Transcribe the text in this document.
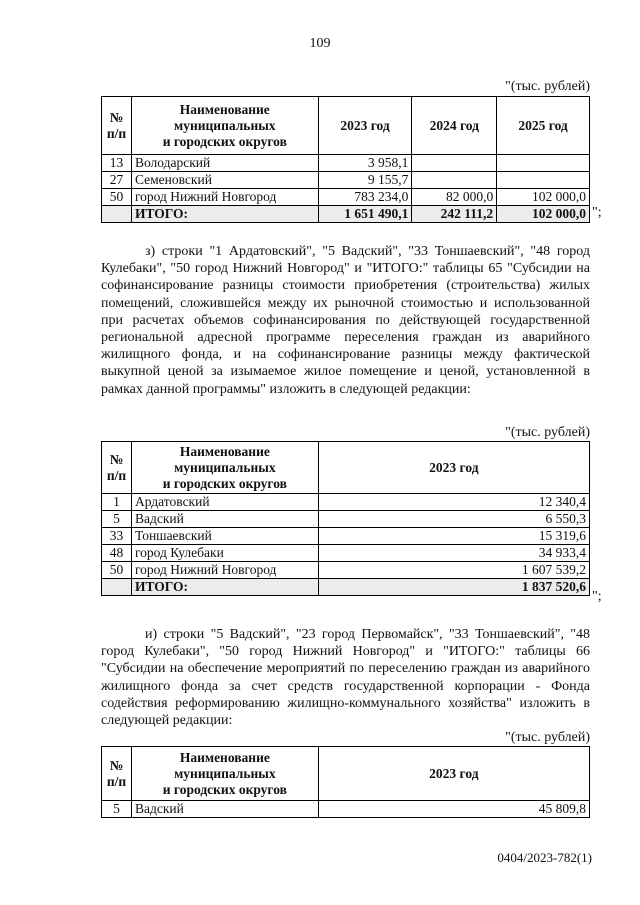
109
"(тыс. рублей)
№
п/п	Наименование
муниципальных
и городских округов	2023 год	2024 год	2025 год
13	Володарский	3 958,1		
27	Семеновский	9 155,7		
50	город Нижний Новгород	783 234,0	82 000,0	102 000,0
	ИТОГО:	1 651 490,1	242 111,2	102 000,0 ";
з) строки "1 Ардатовский", "5 Вадский", "33 Тоншаевский", "48 город Кулебаки", "50 город Нижний Новгород" и "ИТОГО:" таблицы 65 "Субсидии на софинансирование разницы стоимости приобретения (строительства) жилых помещений, сложившейся между их рыночной стоимостью и использованной при расчетах объемов софинансирования по действующей государственной региональной адресной программе переселения граждан из аварийного жилищного фонда, и на софинансирование разницы между фактической выкупной ценой за изымаемое жилое помещение и ценой, установленной в рамках данной программы" изложить в следующей редакции:
"(тыс. рублей)
№
п/п	Наименование
муниципальных
и городских округов	2023 год
1	Ардатовский	12 340,4
5	Вадский	6 550,3
33	Тоншаевский	15 319,6
48	город Кулебаки	34 933,4
50	город Нижний Новгород	1 607 539,2
	ИТОГО:	1 837 520,6
";
и) строки "5 Вадский", "23 город Первомайск", "33 Тоншаевский", "48 город Кулебаки", "50 город Нижний Новгород" и "ИТОГО:" таблицы 66 "Субсидии на обеспечение мероприятий по переселению граждан из аварийного жилищного фонда за счет средств государственной корпорации - Фонда содействия реформированию жилищно-коммунального хозяйства" изложить в следующей редакции:
"(тыс. рублей)
№
п/п	Наименование
муниципальных
и городских округов	2023 год
5	Вадский	45 809,8
0404/2023-782(1)
